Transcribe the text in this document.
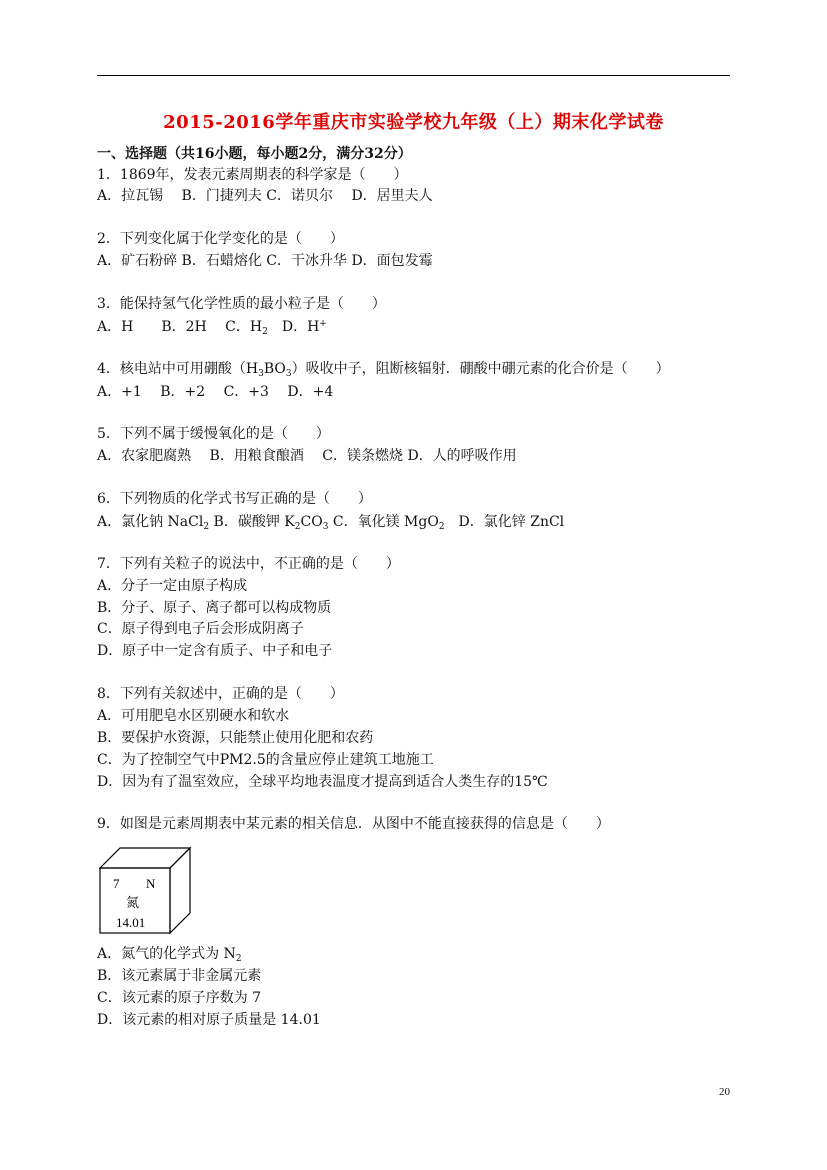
2015-2016学年重庆市实验学校九年级（上）期末化学试卷
一、选择题（共16小题，每小题2分，满分32分）
1．1869年，发表元素周期表的科学家是（　　）
A．拉瓦锡　 B．门捷列夫 C．诺贝尔　 D．居里夫人
2．下列变化属于化学变化的是（　　）
A．矿石粉碎 B．石蜡熔化 C．干冰升华 D．面包发霉
3．能保持氢气化学性质的最小粒子是（　　）
A．H　　B．2H　 C．$H_2$　D．H+
4．核电站中可用硼酸$(H_3BO_3)$吸收中子，阻断核辐射．硼酸中硼元素的化合价是（　　）
A．+1　 B．+2　 C．+3　 D．+4
5．下列不属于缓慢氧化的是（　　）
A．农家肥腐熟　 B．用粮食酿酒　 C．镁条燃烧 D．人的呼吸作用
6．下列物质的化学式书写正确的是（　　）
A．氯化钠 NaCl$_2$ B．碳酸钾 $K_2CO_3$ C．氧化镁 MgO$_2$　D．氯化锌 ZnCl
7．下列有关粒子的说法中，不正确的是（　　）
A．分子一定由原子构成
B．分子、原子、离子都可以构成物质
C．原子得到电子后会形成阴离子
D．原子中一定含有质子、中子和电子
8．下列有关叙述中，正确的是（　　）
A．可用肥皂水区别硬水和软水
B．要保护水资源，只能禁止使用化肥和农药
C．为了控制空气中PM2.5的含量应停止建筑工地施工
D．因为有了温室效应，全球平均地表温度才提高到适合人类生存的15℃
9．如图是元素周期表中某元素的相关信息．从图中不能直接获得的信息是（　　）
7 N
氮
14.01
A．氮气的化学式为 $N_2$
B．该元素属于非金属元素
C．该元素的原子序数为 7
D．该元素的相对原子质量是 14.01
20
